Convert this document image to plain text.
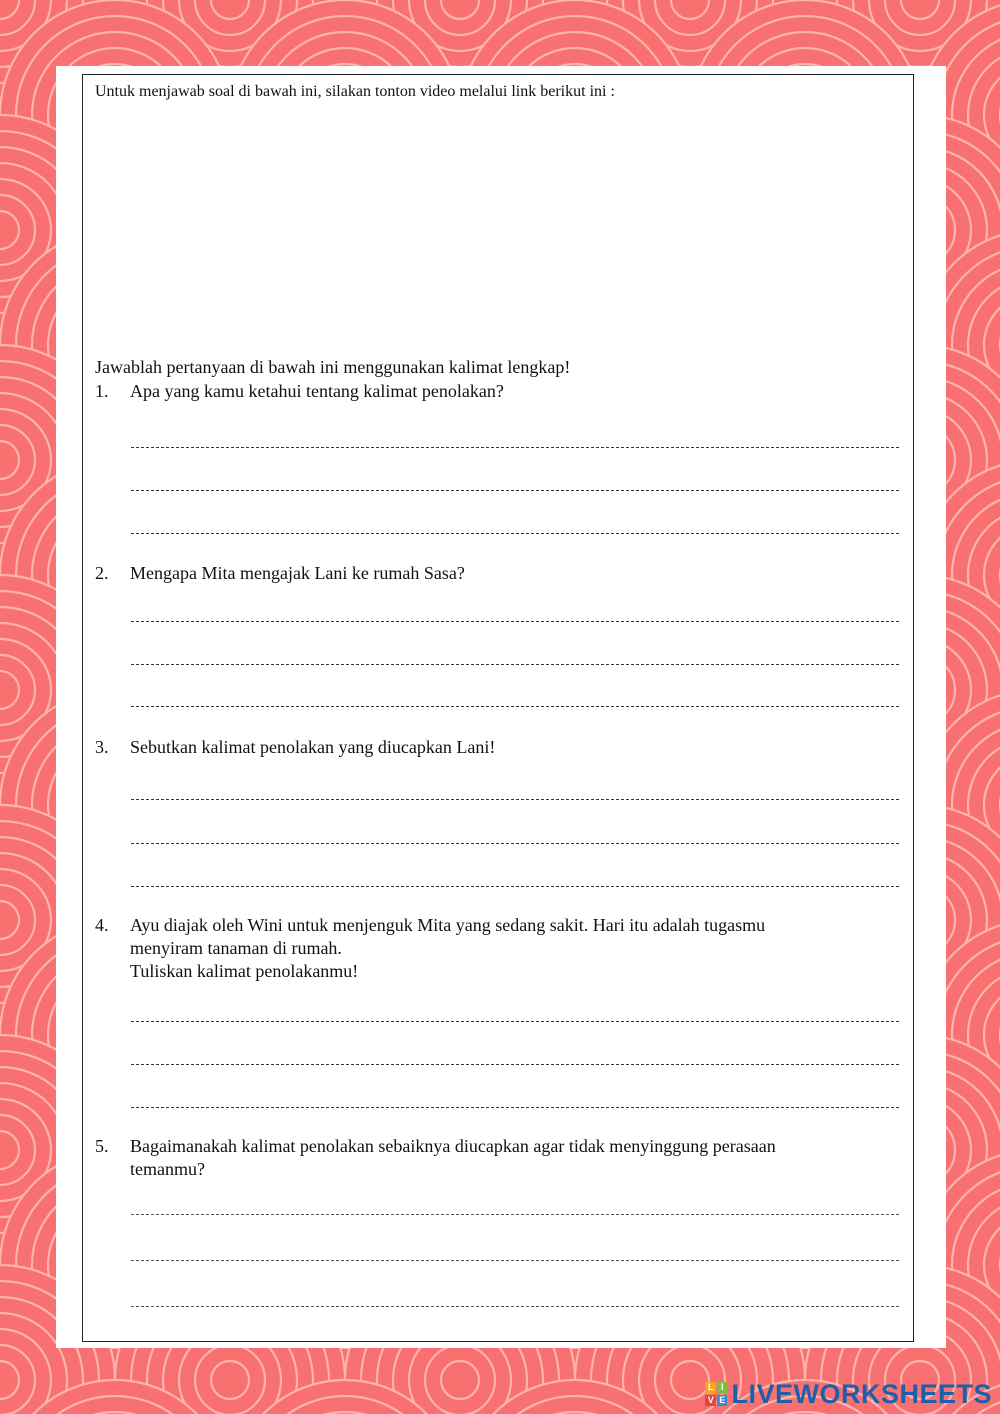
Untuk menjawab soal di bawah ini, silakan tonton video melalui link berikut ini :
Jawablah pertanyaan di bawah ini menggunakan kalimat lengkap!
1. Apa yang kamu ketahui tentang kalimat penolakan?
2. Mengapa Mita mengajak Lani ke rumah Sasa?
3. Sebutkan kalimat penolakan yang diucapkan Lani!
4. Ayu diajak oleh Wini untuk menjenguk Mita yang sedang sakit. Hari itu adalah tugasmu
menyiram tanaman di rumah.
Tuliskan kalimat penolakanmu!
5. Bagaimanakah kalimat penolakan sebaiknya diucapkan agar tidak menyinggung perasaan
temanmu?
L I
V E LIVEWORKSHEETS
